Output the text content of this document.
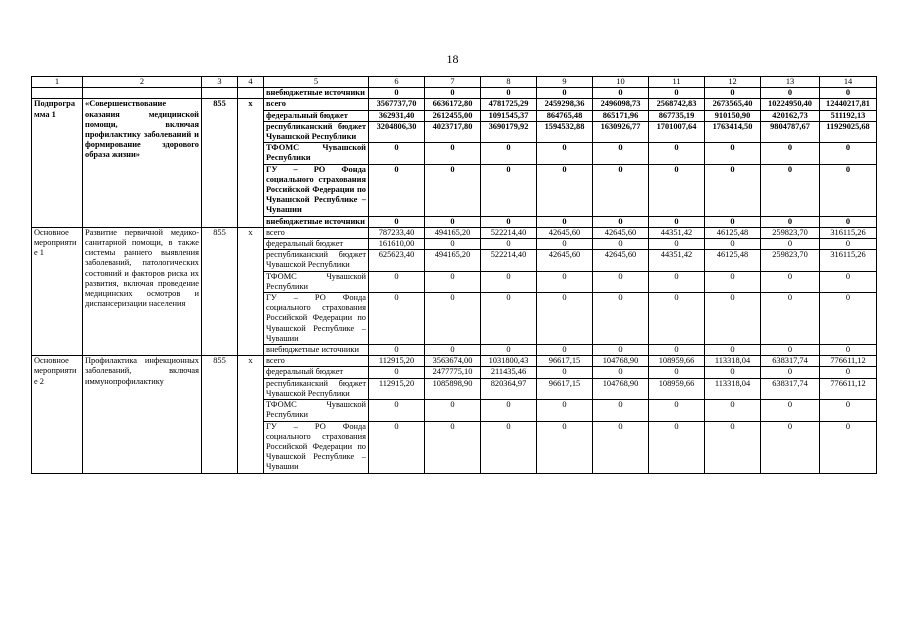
18
1	2	3	4	5	6	7	8	9	10	11	12	13	14
				внебюджетные источники	0	0	0	0	0	0	0	0	0
Подпрограмма 1	«Совершенствование оказания медицинской помощи, включая профилактику заболеваний и формирование здорового образа жизни»	855	х	всего	3567737,70	6636172,80	4781725,29	2459298,36	2496098,73	2568742,83	2673565,40	10224950,40	12440217,81
				федеральный бюджет	362931,40	2612455,00	1091545,37	864765,48	865171,96	867735,19	910150,90	420162,73	511192,13
				республиканский бюджет Чувашской Республики	3204806,30	4023717,80	3690179,92	1594532,88	1630926,77	1701007,64	1763414,50	9804787,67	11929025,68
				ТФОМС Чувашской Республики	0	0	0	0	0	0	0	0	0
				ГУ – РО Фонда социального страхования Российской Федерации по Чувашской Республике – Чувашии	0	0	0	0	0	0	0	0	0
				внебюджетные источники	0	0	0	0	0	0	0	0	0
Основное мероприятие 1	Развитие первичной медико-санитарной помощи, в также системы раннего выявления заболеваний, патологических состояний и факторов риска их развития, включая проведение медицинских осмотров и диспансеризации населения	855	х	всего	787233,40	494165,20	522214,40	42645,60	42645,60	44351,42	46125,48	259823,70	316115,26
				федеральный бюджет	161610,00	0	0	0	0	0	0	0	0
				республиканский бюджет Чувашской Республики	625623,40	494165,20	522214,40	42645,60	42645,60	44351,42	46125,48	259823,70	316115,26
				ТФОМС Чувашской Республики	0	0	0	0	0	0	0	0	0
				ГУ – РО Фонда социального страхования Российской Федерации по Чувашской Республике – Чувашии	0	0	0	0	0	0	0	0	0
				внебюджетные источники	0	0	0	0	0	0	0	0	0
Основное мероприятие 2	Профилактика инфекционных заболеваний, включая иммунопрофилактику	855	х	всего	112915,20	3563674,00	1031800,43	96617,15	104768,90	108959,66	113318,04	638317,74	776611,12
				федеральный бюджет	0	2477775,10	211435,46	0	0	0	0	0	0
				республиканский бюджет Чувашской Республики	112915,20	1085898,90	820364,97	96617,15	104768,90	108959,66	113318,04	638317,74	776611,12
				ТФОМС Чувашской Республики	0	0	0	0	0	0	0	0	0
				ГУ – РО Фонда социального страхования Российской Федерации по Чувашской Республике – Чувашии	0	0	0	0	0	0	0	0	0
